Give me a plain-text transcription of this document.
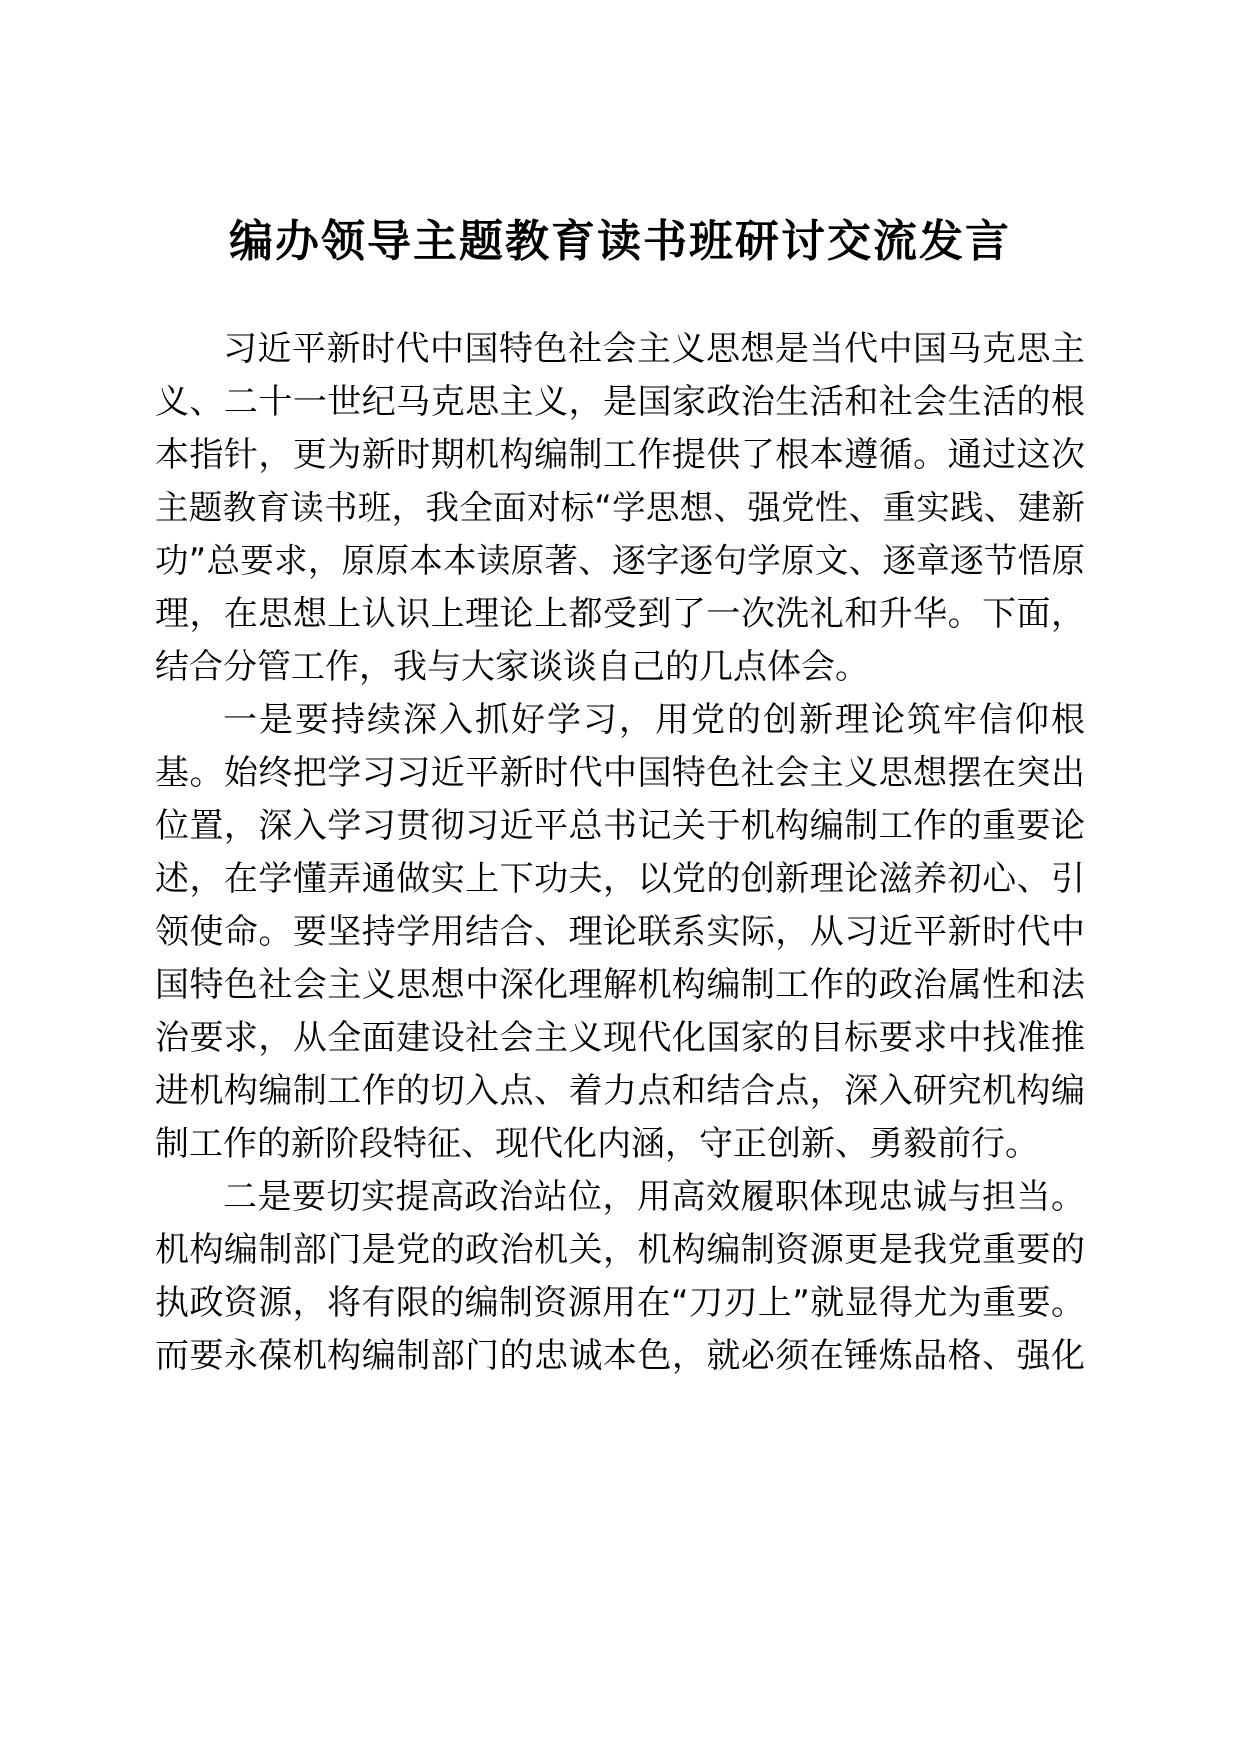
编办领导主题教育读书班研讨交流发言
习近平新时代中国特色社会主义思想是当代中国马克思主
义、二十一世纪马克思主义，是国家政治生活和社会生活的根
本指针，更为新时期机构编制工作提供了根本遵循。通过这次
主题教育读书班，我全面对标“学思想、强党性、重实践、建新
功”总要求，原原本本读原著、逐字逐句学原文、逐章逐节悟原
理，在思想上认识上理论上都受到了一次洗礼和升华。下面，
结合分管工作，我与大家谈谈自己的几点体会。
一是要持续深入抓好学习，用党的创新理论筑牢信仰根
基。始终把学习习近平新时代中国特色社会主义思想摆在突出
位置，深入学习贯彻习近平总书记关于机构编制工作的重要论
述，在学懂弄通做实上下功夫，以党的创新理论滋养初心、引
领使命。要坚持学用结合、理论联系实际，从习近平新时代中
国特色社会主义思想中深化理解机构编制工作的政治属性和法
治要求，从全面建设社会主义现代化国家的目标要求中找准推
进机构编制工作的切入点、着力点和结合点，深入研究机构编
制工作的新阶段特征、现代化内涵，守正创新、勇毅前行。
二是要切实提高政治站位，用高效履职体现忠诚与担当。
机构编制部门是党的政治机关，机构编制资源更是我党重要的
执政资源，将有限的编制资源用在“刀刃上”就显得尤为重要。
而要永葆机构编制部门的忠诚本色，就必须在锤炼品格、强化
